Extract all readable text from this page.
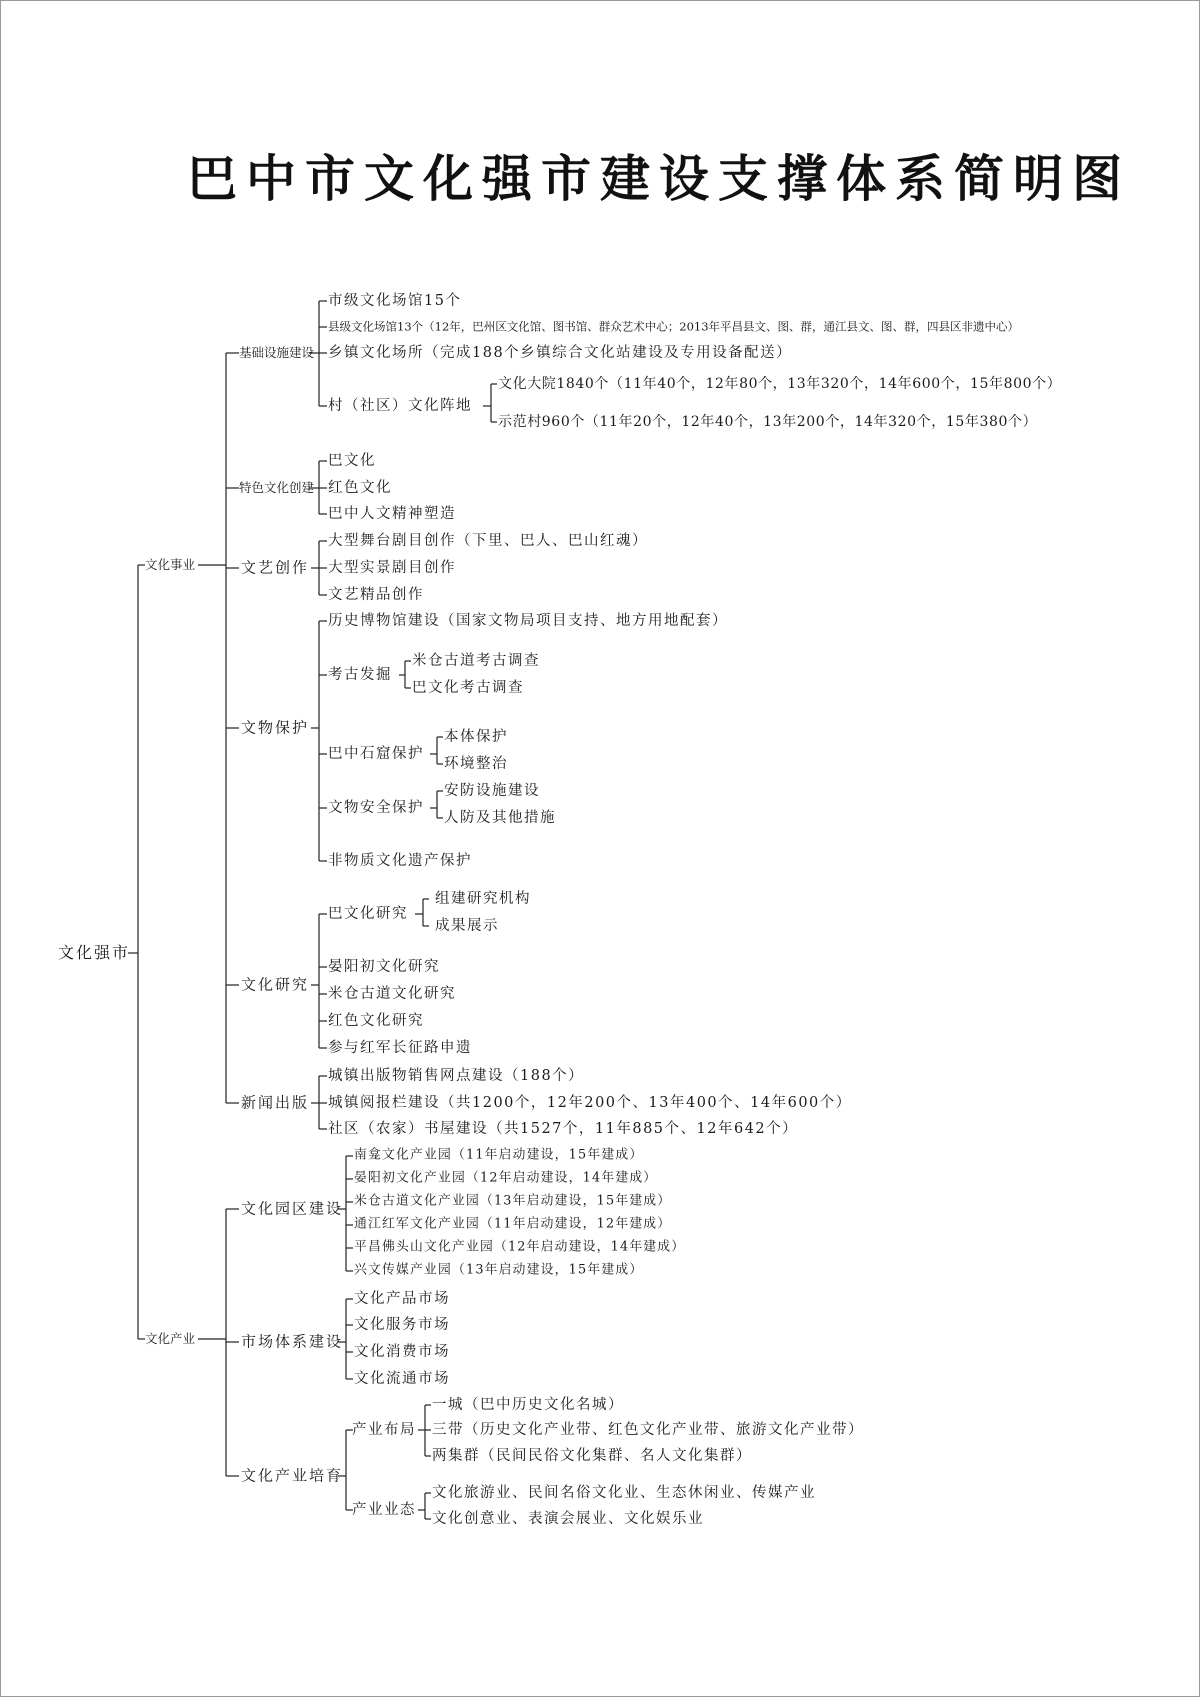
巴中市文化强市建设支撑体系简明图
文化强市
文化事业
文化产业
基础设施建设
市级文化场馆15个
县级文化场馆13个（12年，巴州区文化馆、图书馆、群众艺术中心；2013年平昌县文、图、群，通江县文、图、群，四县区非遗中心）
乡镇文化场所（完成188个乡镇综合文化站建设及专用设备配送）
村（社区）文化阵地
文化大院1840个（11年40个，12年80个，13年320个，14年600个，15年800个）
示范村960个（11年20个，12年40个，13年200个，14年320个，15年380个）
特色文化创建
巴文化
红色文化
巴中人文精神塑造
文艺创作
大型舞台剧目创作（下里、巴人、巴山红魂）
大型实景剧目创作
文艺精品创作
文物保护
历史博物馆建设（国家文物局项目支持、地方用地配套）
考古发掘
米仓古道考古调查
巴文化考古调查
巴中石窟保护
本体保护
环境整治
文物安全保护
安防设施建设
人防及其他措施
非物质文化遗产保护
文化研究
巴文化研究
组建研究机构
成果展示
晏阳初文化研究
米仓古道文化研究
红色文化研究
参与红军长征路申遗
新闻出版
城镇出版物销售网点建设（188个）
城镇阅报栏建设（共1200个，12年200个、13年400个、14年600个）
社区（农家）书屋建设（共1527个，11年885个、12年642个）
文化园区建设
南龛文化产业园（11年启动建设，15年建成）
晏阳初文化产业园（12年启动建设，14年建成）
米仓古道文化产业园（13年启动建设，15年建成）
通江红军文化产业园（11年启动建设，12年建成）
平昌佛头山文化产业园（12年启动建设，14年建成）
兴文传媒产业园（13年启动建设，15年建成）
市场体系建设
文化产品市场
文化服务市场
文化消费市场
文化流通市场
文化产业培育
产业布局
一城（巴中历史文化名城）
三带（历史文化产业带、红色文化产业带、旅游文化产业带）
两集群（民间民俗文化集群、名人文化集群）
产业业态
文化旅游业、民间名俗文化业、生态休闲业、传媒产业
文化创意业、表演会展业、文化娱乐业
